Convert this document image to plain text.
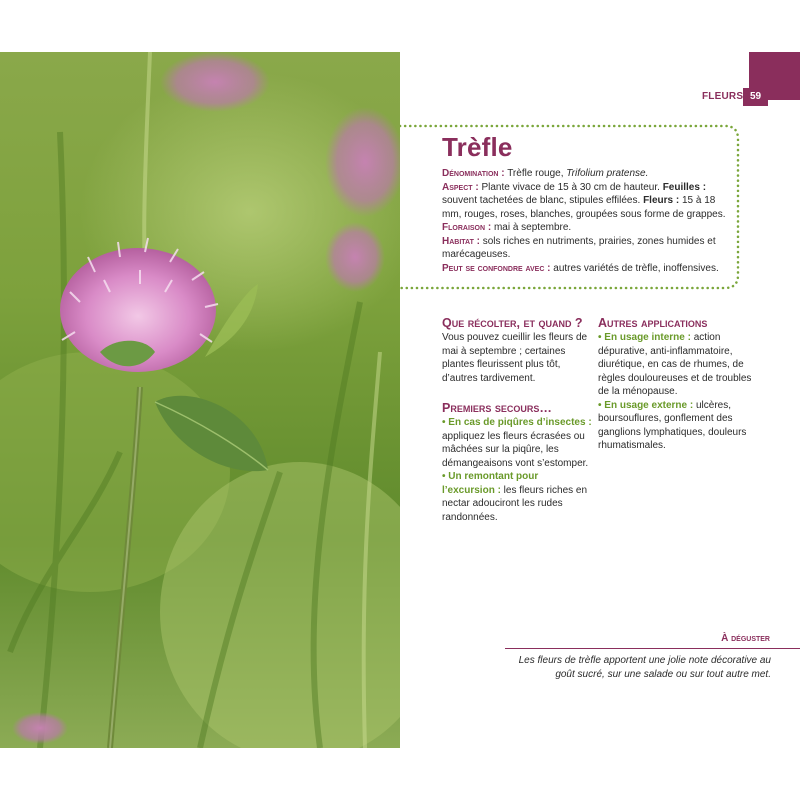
FLEURS 59
Trèfle

Dénomination : Trèfle rouge, Trifolium pratense.

Aspect : Plante vivace de 15 à 30 cm de hauteur. Feuilles : souvent tachetées de blanc, stipules effilées. Fleurs : 15 à 18 mm, rouges, roses, blanches, groupées sous forme de grappes.

Floraison : mai à septembre.

Habitat : sols riches en nutriments, prairies, zones humides et marécageuses.

Peut se confondre avec : autres variétés de trèfle, inoffensives.

Que récolter, et quand ?

Vous pouvez cueillir les fleurs de mai à septembre ; certaines plantes fleurissent plus tôt, d’autres tardivement.

Premiers secours…

• En cas de piqûres d’insectes : appliquez les fleurs écrasées ou mâchées sur la piqûre, les démangeaisons vont s’estomper.

• Un remontant pour l’excursion : les fleurs riches en nectar adouciront les rudes randonnées.

Autres applications

• En usage interne : action dépurative, anti-inflammatoire, diurétique, en cas de rhumes, de règles douloureuses et de troubles de la ménopause.

• En usage externe : ulcères, boursouflures, gonflement des ganglions lymphatiques, douleurs rhumatismales.

À déguster
Les fleurs de trèfle apportent une jolie note décorative au goût sucré, sur une salade ou sur tout autre met.
